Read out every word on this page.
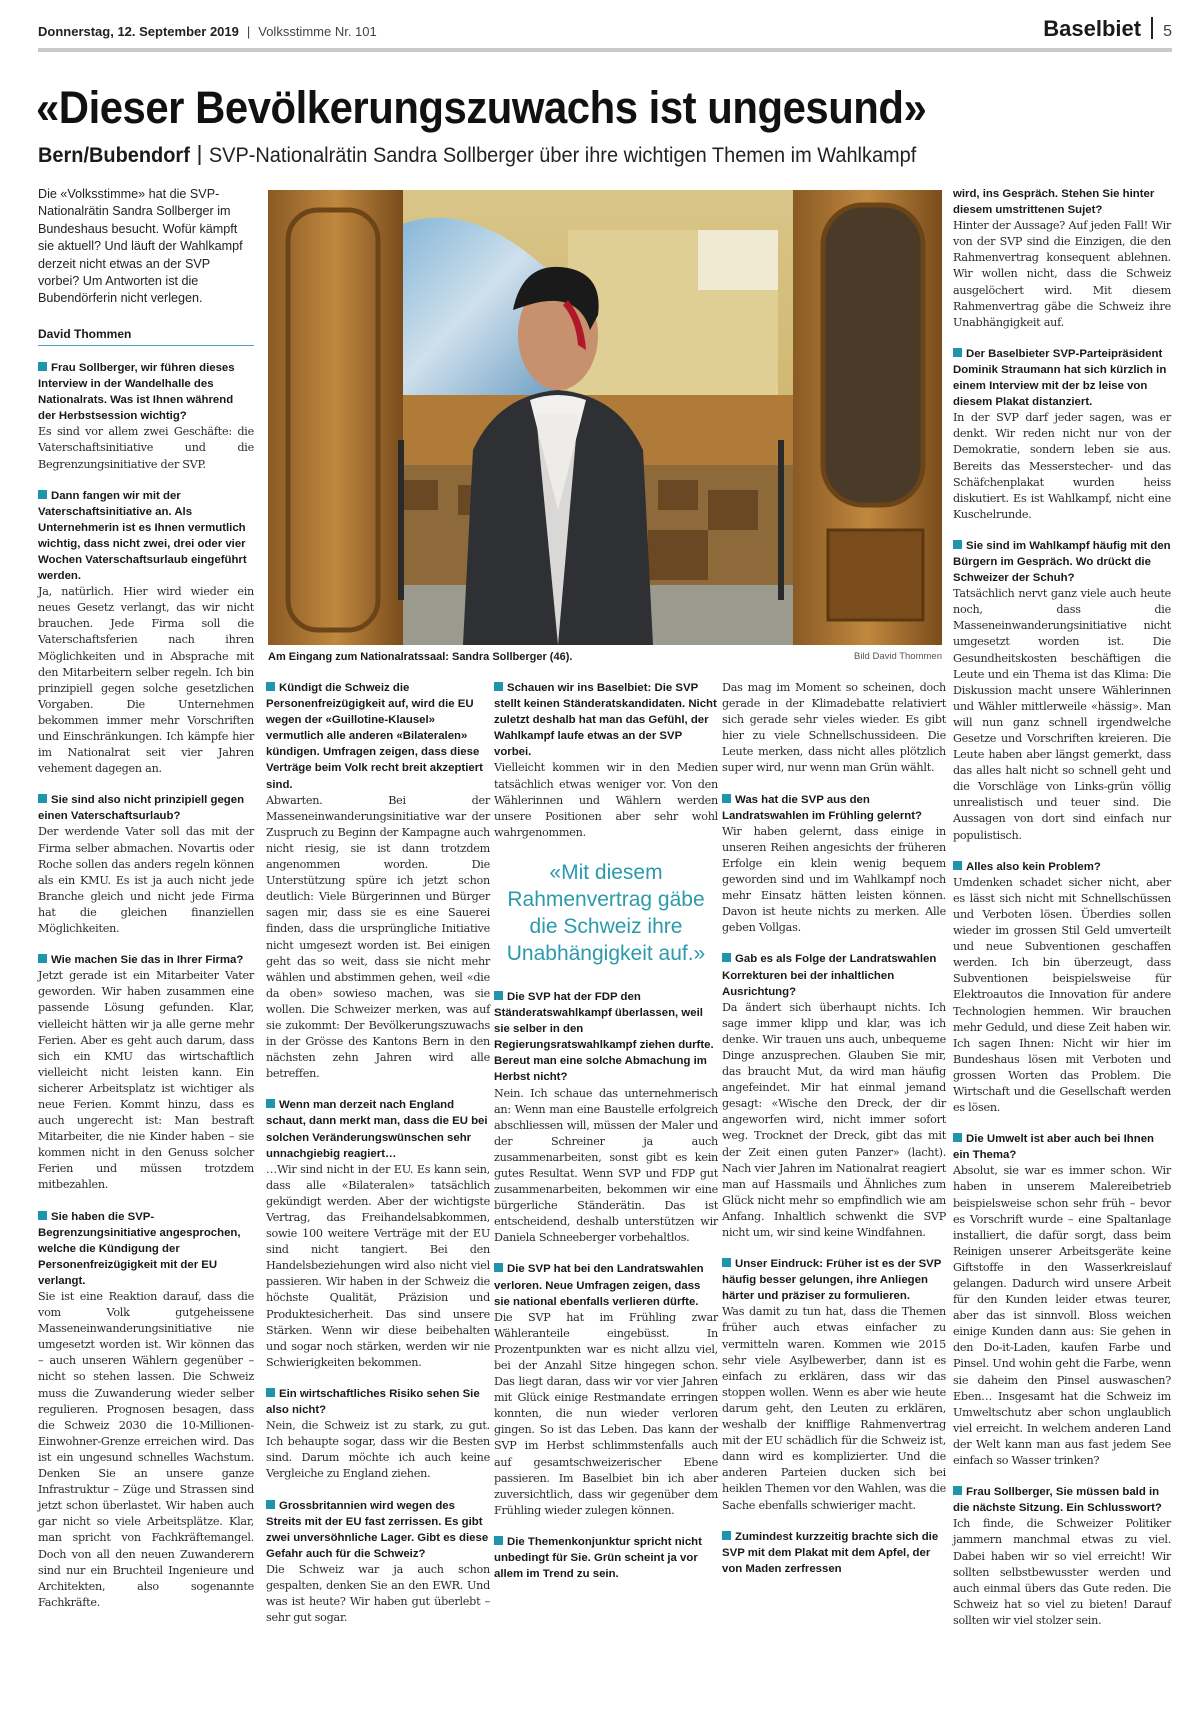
Donnerstag, 12. September 2019 | Volksstimme Nr. 101	Baselbiet 5
«Dieser Bevölkerungszuwachs ist ungesund»
Bern/Bubendorf SVP-Nationalrätin Sandra Sollberger über ihre wichtigen Themen im Wahlkampf
Am Eingang zum Nationalratssaal: Sandra Sollberger (46).	Bild David Thommen

Die «Volksstimme» hat die SVP-Nationalrätin Sandra Sollberger im Bundeshaus besucht. Wofür kämpft sie aktuell? Und läuft der Wahlkampf derzeit nicht etwas an der SVP vorbei? Um Antworten ist die Bubendörferin nicht verlegen.

David Thommen
Frau Sollberger, wir führen dieses Interview in der Wandelhalle des Nationalrats. Was ist Ihnen während der Herbstsession wichtig?
Es sind vor allem zwei Geschäfte: die Vaterschaftsinitiative und die Begrenzungsinitiative der SVP.
Dann fangen wir mit der Vaterschaftsinitiative an. Als Unternehmerin ist es Ihnen vermutlich wichtig, dass nicht zwei, drei oder vier Wochen Vaterschaftsurlaub eingeführt werden.
Ja, natürlich. Hier wird wieder ein neues Gesetz verlangt, das wir nicht brauchen. Jede Firma soll die Vaterschaftsferien nach ihren Möglichkeiten und in Absprache mit den Mitarbeitern selber regeln. Ich bin prinzipiell gegen solche gesetzlichen Vorgaben. Die Unternehmen bekommen immer mehr Vorschriften und Einschränkungen. Ich kämpfe hier im Nationalrat seit vier Jahren vehement dagegen an.
Sie sind also nicht prinzipiell gegen einen Vaterschaftsurlaub?
Der werdende Vater soll das mit der Firma selber abmachen. Novartis oder Roche sollen das anders regeln können als ein KMU. Es ist ja auch nicht jede Branche gleich und nicht jede Firma hat die gleichen finanziellen Möglichkeiten.
Wie machen Sie das in Ihrer Firma?
Jetzt gerade ist ein Mitarbeiter Vater geworden. Wir haben zusammen eine passende Lösung gefunden. Klar, vielleicht hätten wir ja alle gerne mehr Ferien. Aber es geht auch darum, dass sich ein KMU das wirtschaftlich vielleicht nicht leisten kann. Ein sicherer Arbeitsplatz ist wichtiger als neue Ferien. Kommt hinzu, dass es auch ungerecht ist: Man bestraft Mitarbeiter, die nie Kinder haben – sie kommen nicht in den Genuss solcher Ferien und müssen trotzdem mitbezahlen.
Sie haben die SVP-Begrenzungsinitiative angesprochen, welche die Kündigung der Personenfreizügigkeit mit der EU verlangt.
Sie ist eine Reaktion darauf, dass die vom Volk gutgeheissene Masseneinwanderungsinitiative nie umgesetzt worden ist. Wir können das – auch unseren Wählern gegenüber – nicht so stehen lassen. Die Schweiz muss die Zuwanderung wieder selber regulieren. Prognosen besagen, dass die Schweiz 2030 die 10-Millionen-Einwohner-Grenze erreichen wird. Das ist ein ungesund schnelles Wachstum. Denken Sie an unsere ganze Infrastruktur – Züge und Strassen sind jetzt schon überlastet. Wir haben auch gar nicht so viele Arbeitsplätze. Klar, man spricht von Fachkräftemangel. Doch von all den neuen Zuwanderern sind nur ein Bruchteil Ingenieure und Architekten, also sogenannte Fachkräfte.
Kündigt die Schweiz die Personenfreizügigkeit auf, wird die EU wegen der «Guillotine-Klausel» vermutlich alle anderen «Bilateralen» kündigen. Umfragen zeigen, dass diese Verträge beim Volk recht breit akzeptiert sind.
Abwarten. Bei der Masseneinwanderungsinitiative war der Zuspruch zu Beginn der Kampagne auch nicht riesig, sie ist dann trotzdem angenommen worden. Die Unterstützung spüre ich jetzt schon deutlich: Viele Bürgerinnen und Bürger sagen mir, dass sie es eine Sauerei finden, dass die ursprüngliche Initiative nicht umgesezt worden ist. Bei einigen geht das so weit, dass sie nicht mehr wählen und abstimmen gehen, weil «die da oben» sowieso machen, was sie wollen. Die Schweizer merken, was auf sie zukommt: Der Bevölkerungszuwachs in der Grösse des Kantons Bern in den nächsten zehn Jahren wird alle betreffen.
Wenn man derzeit nach England schaut, dann merkt man, dass die EU bei solchen Veränderungswünschen sehr unnachgiebig reagiert…
…Wir sind nicht in der EU. Es kann sein, dass alle «Bilateralen» tatsächlich gekündigt werden. Aber der wichtigste Vertrag, das Freihandelsabkommen, sowie 100 weitere Verträge mit der EU sind nicht tangiert. Bei den Handelsbeziehungen wird also nicht viel passieren. Wir haben in der Schweiz die höchste Qualität, Präzision und Produktesicherheit. Das sind unsere Stärken. Wenn wir diese beibehalten und sogar noch stärken, werden wir nie Schwierigkeiten bekommen.
Ein wirtschaftliches Risiko sehen Sie also nicht?
Nein, die Schweiz ist zu stark, zu gut. Ich behaupte sogar, dass wir die Besten sind. Darum möchte ich auch keine Vergleiche zu England ziehen.
Grossbritannien wird wegen des Streits mit der EU fast zerrissen. Es gibt zwei unversöhnliche Lager. Gibt es diese Gefahr auch für die Schweiz?
Die Schweiz war ja auch schon gespalten, denken Sie an den EWR. Und was ist heute? Wir haben gut überlebt – sehr gut sogar.
Schauen wir ins Baselbiet: Die SVP stellt keinen Ständeratskandidaten. Nicht zuletzt deshalb hat man das Gefühl, der Wahlkampf laufe etwas an der SVP vorbei.
Vielleicht kommen wir in den Medien tatsächlich etwas weniger vor. Von den Wählerinnen und Wählern werden unsere Positionen aber sehr wohl wahrgenommen.
«Mit diesem Rahmenvertrag gäbe die Schweiz ihre Unabhängigkeit auf.»
Die SVP hat der FDP den Ständeratswahlkampf überlassen, weil sie selber in den Regierungsratswahlkampf ziehen durfte. Bereut man eine solche Abmachung im Herbst nicht?
Nein. Ich schaue das unternehmerisch an: Wenn man eine Baustelle erfolgreich abschliessen will, müssen der Maler und der Schreiner ja auch zusammenarbeiten, sonst gibt es kein gutes Resultat. Wenn SVP und FDP gut zusammenarbeiten, bekommen wir eine bürgerliche Ständerätin. Das ist entscheidend, deshalb unterstützen wir Daniela Schneeberger vorbehaltlos.
Die SVP hat bei den Landratswahlen verloren. Neue Umfragen zeigen, dass sie national ebenfalls verlieren dürfte.
Die SVP hat im Frühling zwar Wähleranteile eingebüsst. In Prozentpunkten war es nicht allzu viel, bei der Anzahl Sitze hingegen schon. Das liegt daran, dass wir vor vier Jahren mit Glück einige Restmandate erringen konnten, die nun wieder verloren gingen. So ist das Leben. Das kann der SVP im Herbst schlimmstenfalls auch auf gesamtschweizerischer Ebene passieren. Im Baselbiet bin ich aber zuversichtlich, dass wir gegenüber dem Frühling wieder zulegen können.
Die Themenkonjunktur spricht nicht unbedingt für Sie. Grün scheint ja vor allem im Trend zu sein.
Das mag im Moment so scheinen, doch gerade in der Klimadebatte relativiert sich gerade sehr vieles wieder. Es gibt hier zu viele Schnellschussideen. Die Leute merken, dass nicht alles plötzlich super wird, nur wenn man Grün wählt.
Was hat die SVP aus den Landratswahlen im Frühling gelernt?
Wir haben gelernt, dass einige in unseren Reihen angesichts der früheren Erfolge ein klein wenig bequem geworden sind und im Wahlkampf noch mehr Einsatz hätten leisten können. Davon ist heute nichts zu merken. Alle geben Vollgas.
Gab es als Folge der Landratswahlen Korrekturen bei der inhaltlichen Ausrichtung?
Da ändert sich überhaupt nichts. Ich sage immer klipp und klar, was ich denke. Wir trauen uns auch, unbequeme Dinge anzusprechen. Glauben Sie mir, das braucht Mut, da wird man häufig angefeindet. Mir hat einmal jemand gesagt: «Wische den Dreck, der dir angeworfen wird, nicht immer sofort weg. Trocknet der Dreck, gibt das mit der Zeit einen guten Panzer» (lacht). Nach vier Jahren im Nationalrat reagiert man auf Hassmails und Ähnliches zum Glück nicht mehr so empfindlich wie am Anfang. Inhaltlich schwenkt die SVP nicht um, wir sind keine Windfahnen.
Unser Eindruck: Früher ist es der SVP häufig besser gelungen, ihre Anliegen härter und präziser zu formulieren.
Was damit zu tun hat, dass die Themen früher auch etwas einfacher zu vermitteln waren. Kommen wie 2015 sehr viele Asylbewerber, dann ist es einfach zu erklären, dass wir das stoppen wollen. Wenn es aber wie heute darum geht, den Leuten zu erklären, weshalb der knifflige Rahmenvertrag mit der EU schädlich für die Schweiz ist, dann wird es komplizierter. Und die anderen Parteien ducken sich bei heiklen Themen vor den Wahlen, was die Sache ebenfalls schwieriger macht.
Zumindest kurzzeitig brachte sich die SVP mit dem Plakat mit dem Apfel, der von Maden zerfressen
wird, ins Gespräch. Stehen Sie hinter diesem umstrittenen Sujet?
Hinter der Aussage? Auf jeden Fall! Wir von der SVP sind die Einzigen, die den Rahmenvertrag konsequent ablehnen. Wir wollen nicht, dass die Schweiz ausgelöchert wird. Mit diesem Rahmenvertrag gäbe die Schweiz ihre Unabhängigkeit auf.
Der Baselbieter SVP-Parteipräsident Dominik Straumann hat sich kürzlich in einem Interview mit der bz leise von diesem Plakat distanziert.
In der SVP darf jeder sagen, was er denkt. Wir reden nicht nur von der Demokratie, sondern leben sie aus. Bereits das Messerstecher- und das Schäfchenplakat wurden heiss diskutiert. Es ist Wahlkampf, nicht eine Kuschelrunde.
Sie sind im Wahlkampf häufig mit den Bürgern im Gespräch. Wo drückt die Schweizer der Schuh?
Tatsächlich nervt ganz viele auch heute noch, dass die Masseneinwanderungsinitiative nicht umgesetzt worden ist. Die Gesundheitskosten beschäftigen die Leute und ein Thema ist das Klima: Die Diskussion macht unsere Wählerinnen und Wähler mittlerweile «hässig». Man will nun ganz schnell irgendwelche Gesetze und Vorschriften kreieren. Die Leute haben aber längst gemerkt, dass das alles halt nicht so schnell geht und die Vorschläge von Links-grün völlig unrealistisch und teuer sind. Die Aussagen von dort sind einfach nur populistisch.
Alles also kein Problem?
Umdenken schadet sicher nicht, aber es lässt sich nicht mit Schnellschüssen und Verboten lösen. Überdies sollen wieder im grossen Stil Geld umverteilt und neue Subventionen geschaffen werden. Ich bin überzeugt, dass Subventionen beispielsweise für Elektroautos die Innovation für andere Technologien hemmen. Wir brauchen mehr Geduld, und diese Zeit haben wir. Ich sagen Ihnen: Nicht wir hier im Bundeshaus lösen mit Verboten und grossen Worten das Problem. Die Wirtschaft und die Gesellschaft werden es lösen.
Die Umwelt ist aber auch bei Ihnen ein Thema?
Absolut, sie war es immer schon. Wir haben in unserem Malereibetrieb beispielsweise schon sehr früh – bevor es Vorschrift wurde – eine Spaltanlage installiert, die dafür sorgt, dass beim Reinigen unserer Arbeitsgeräte keine Giftstoffe in den Wasserkreislauf gelangen. Dadurch wird unsere Arbeit für den Kunden leider etwas teurer, aber das ist sinnvoll. Bloss weichen einige Kunden dann aus: Sie gehen in den Do-it-Laden, kaufen Farbe und Pinsel. Und wohin geht die Farbe, wenn sie daheim den Pinsel auswaschen? Eben… Insgesamt hat die Schweiz im Umweltschutz aber schon unglaublich viel erreicht. In welchem anderen Land der Welt kann man aus fast jedem See einfach so Wasser trinken?
Frau Sollberger, Sie müssen bald in die nächste Sitzung. Ein Schlusswort?
Ich finde, die Schweizer Politiker jammern manchmal etwas zu viel. Dabei haben wir so viel erreicht! Wir sollten selbstbewusster werden und auch einmal übers das Gute reden. Die Schweiz hat so viel zu bieten! Darauf sollten wir viel stolzer sein.
